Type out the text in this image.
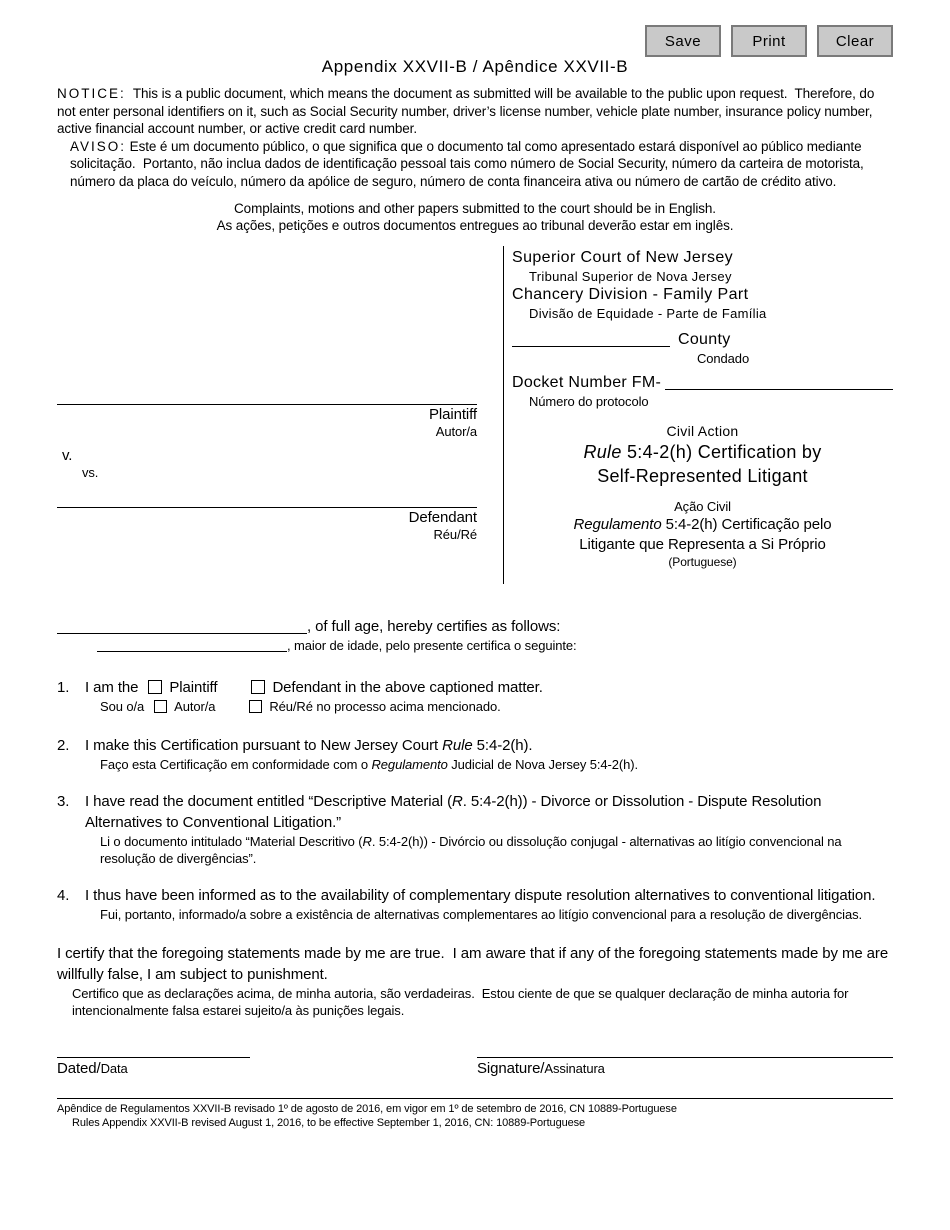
Save	Print	Clear
Appendix XXVII-B / Apêndice XXVII-B
NOTICE:  This is a public document, which means the document as submitted will be available to the public upon request.  Therefore, do not enter personal identifiers on it, such as Social Security number, driver’s license number, vehicle plate number, insurance policy number, active financial account number, or active credit card number.
AVISO: Este é um documento público, o que significa que o documento tal como apresentado estará disponível ao público mediante solicitação.  Portanto, não inclua dados de identificação pessoal tais como número de Social Security, número da carteira de motorista, número da placa do veículo, número da apólice de seguro, número de conta financeira ativa ou número de cartão de crédito ativo.
Complaints, motions and other papers submitted to the court should be in English.
As ações, petições e outros documentos entregues ao tribunal deverão estar em inglês.
Plaintiff
Autor/a
v.
vs.
Defendant
Réu/Ré
Superior Court of New Jersey
Tribunal Superior de Nova Jersey
Chancery Division - Family Part
Divisão de Equidade - Parte de Família
County
Condado
Docket Number FM-
Número do protocolo
Civil Action
Rule 5:4-2(h) Certification by
Self-Represented Litigant
Ação Civil
Regulamento 5:4-2(h) Certificação pelo
Litigante que Representa a Si Próprio
(Portuguese)
, of full age, hereby certifies as follows:
, maior de idade, pelo presente certifica o seguinte:
1.	I am the Plaintiff	Defendant in the above captioned matter.
Sou o/a Autor/a	Réu/Ré no processo acima mencionado.
2.	I make this Certification pursuant to New Jersey Court Rule 5:4-2(h).
Faço esta Certificação em conformidade com o Regulamento Judicial de Nova Jersey 5:4-2(h).
3.	I have read the document entitled “Descriptive Material (R. 5:4-2(h)) - Divorce or Dissolution - Dispute Resolution Alternatives to Conventional Litigation.”
Li o documento intitulado “Material Descritivo (R. 5:4-2(h)) - Divórcio ou dissolução conjugal - alternativas ao litígio convencional na resolução de divergências”.
4.	I thus have been informed as to the availability of complementary dispute resolution alternatives to conventional litigation.
Fui, portanto, informado/a sobre a existência de alternativas complementares ao litígio convencional para a resolução de divergências.
I certify that the foregoing statements made by me are true.  I am aware that if any of the foregoing statements made by me are willfully false, I am subject to punishment.
Certifico que as declarações acima, de minha autoria, são verdadeiras.  Estou ciente de que se qualquer declaração de minha autoria for intencionalmente falsa estarei sujeito/a às punições legais.
Dated/Data	Signature/Assinatura
Apêndice de Regulamentos XXVII-B revisado 1º de agosto de 2016, em vigor em 1º de setembro de 2016, CN 10889-Portuguese
Rules Appendix XXVII-B revised August 1, 2016, to be effective September 1, 2016, CN: 10889-Portuguese
